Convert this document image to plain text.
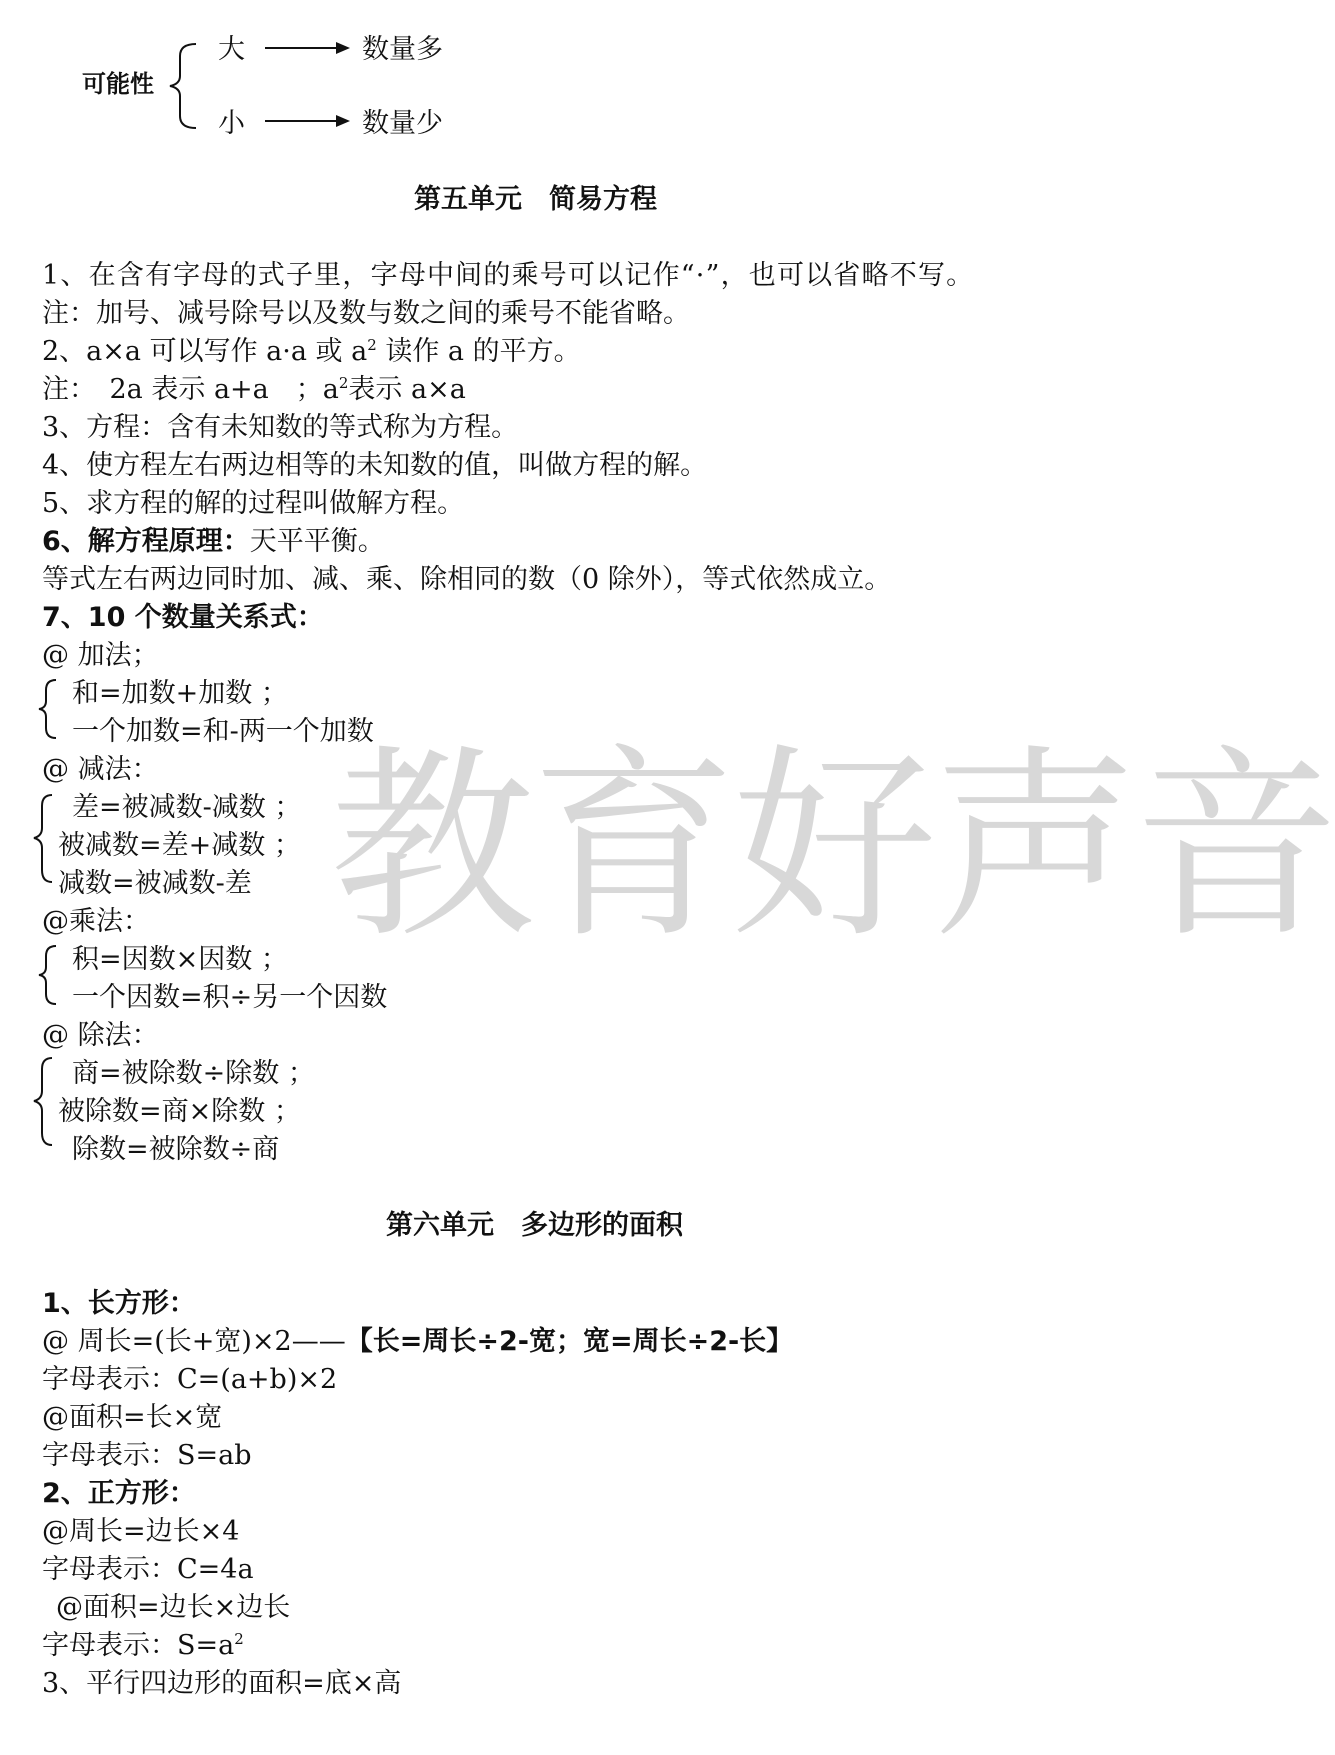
教育好声音
可能性
大	数量多
小	数量少
第五单元　简易方程
1、在含有字母的式子里，字母中间的乘号可以记作“·”，也可以省略不写。
注：加号、减号除号以及数与数之间的乘号不能省略。
2、a×a 可以写作 a·a 或 $a^2$ 读作 a 的平方。
注：　2a 表示 a+a　；$a^2$表示 a×a
3、方程：含有未知数的等式称为方程。
4、使方程左右两边相等的未知数的值，叫做方程的解。
5、求方程的解的过程叫做解方程。
6、解方程原理：天平平衡。
等式左右两边同时加、减、乘、除相同的数（0 除外），等式依然成立。
7、10 个数量关系式：
@ 加法；
和=加数+加数 ；
一个加数=和-两一个加数
@ 减法：
差=被减数-减数 ；
被减数=差+减数 ；
减数=被减数-差
@乘法：
积=因数×因数 ；
一个因数=积÷另一个因数
@ 除法：
商=被除数÷除数 ；
被除数=商×除数 ；
除数=被除数÷商
第六单元　多边形的面积
1、长方形：
@ 周长=(长+宽)×2——【长=周长÷2-宽；宽=周长÷2-长】
字母表示：C=(a+b)×2
@面积=长×宽
字母表示：S=ab
2、正方形：
@周长=边长×4
字母表示：C=4a
@面积=边长×边长
字母表示：$S=a^2$
3、平行四边形的面积=底×高
